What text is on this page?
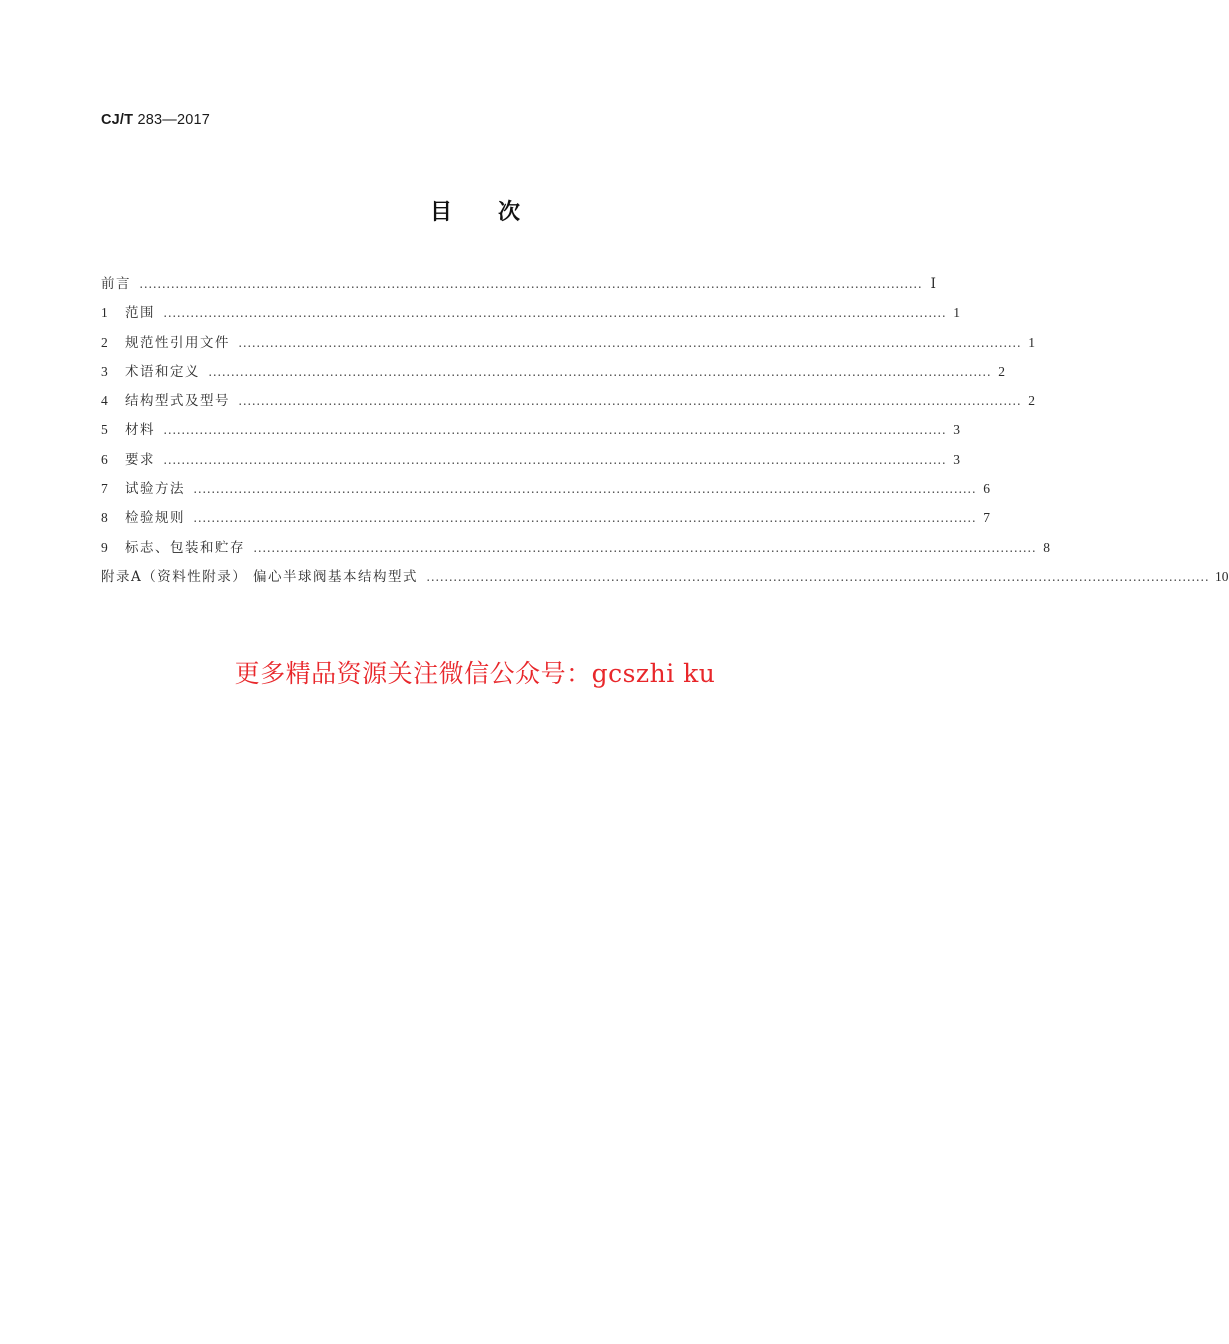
CJ/T 283—2017
目 次
前言 ………………………………………………………………………………………………………………………………………………………… Ⅰ
1	范围 ………………………………………………………………………………………………………………………………………………………… 1
2	规范性引用文件 ………………………………………………………………………………………………………………………………………………………… 1
3	术语和定义 ………………………………………………………………………………………………………………………………………………………… 2
4	结构型式及型号 ………………………………………………………………………………………………………………………………………………………… 2
5	材料 ………………………………………………………………………………………………………………………………………………………… 3
6	要求 ………………………………………………………………………………………………………………………………………………………… 3
7	试验方法 ………………………………………………………………………………………………………………………………………………………… 6
8	检验规则 ………………………………………………………………………………………………………………………………………………………… 7
9	标志、包装和贮存 ………………………………………………………………………………………………………………………………………………………… 8
附录A（资料性附录） 偏心半球阀基本结构型式 ………………………………………………………………………………………………………………………………………………………… 10
更多精品资源关注微信公众号：gcszhi ku
